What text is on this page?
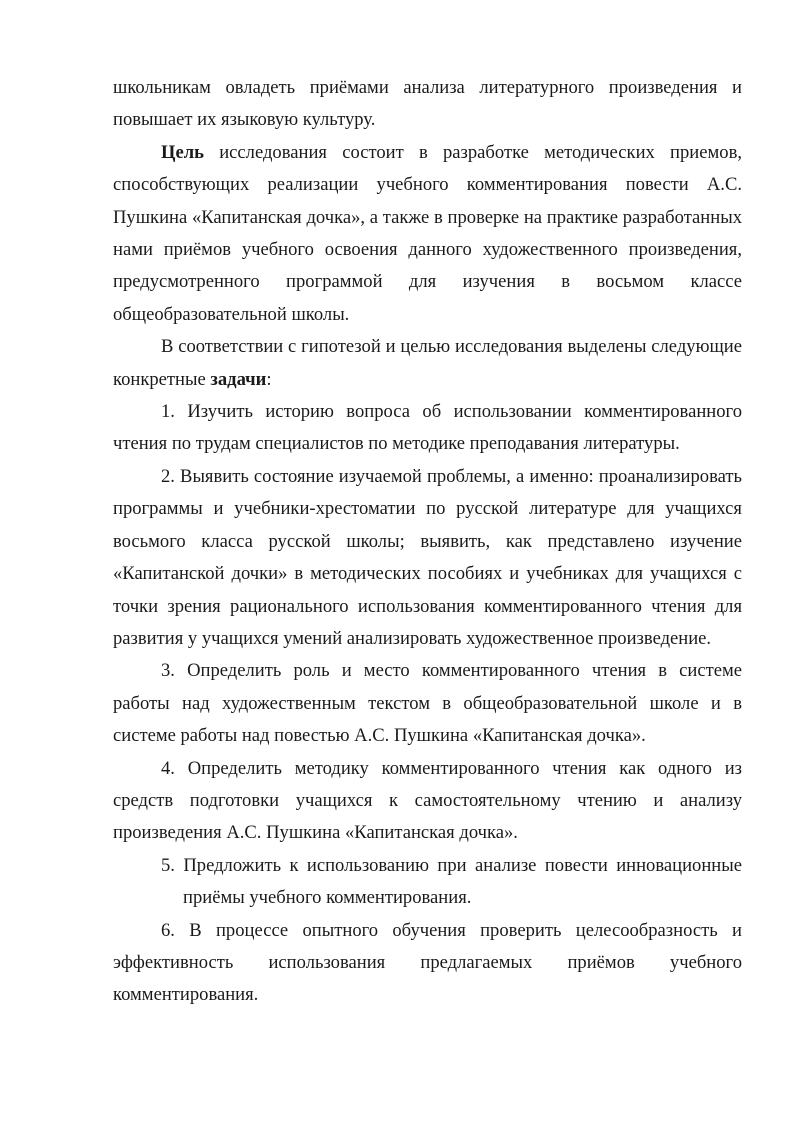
школьникам овладеть приёмами анализа литературного произведения и повышает их языковую культуру.

Цель исследования состоит в разработке методических приемов, способствующих реализации учебного комментирования повести А.С. Пушкина «Капитанская дочка», а также в проверке на практике разработанных нами приёмов учебного освоения данного художественного произведения, предусмотренного программой для изучения в восьмом классе общеобразовательной школы.

В соответствии с гипотезой и целью исследования выделены следующие конкретные задачи:

1. Изучить историю вопроса об использовании комментированного чтения по трудам специалистов по методике преподавания литературы.

2. Выявить состояние изучаемой проблемы, а именно: проанализировать программы и учебники-хрестоматии по русской литературе для учащихся восьмого класса русской школы; выявить, как представлено изучение «Капитанской дочки» в методических пособиях и учебниках для учащихся с точки зрения рационального использования комментированного чтения для развития у учащихся умений анализировать художественное произведение.

3. Определить роль и место комментированного чтения в системе работы над художественным текстом в общеобразовательной школе и в системе работы над повестью А.С. Пушкина «Капитанская дочка».

4. Определить методику комментированного чтения как одного из средств подготовки учащихся к самостоятельному чтению и анализу произведения А.С. Пушкина «Капитанская дочка».

5. Предложить к использованию при анализе повести инновационные приёмы учебного комментирования.

6. В процессе опытного обучения проверить целесообразность и эффективность использования предлагаемых приёмов учебного комментирования.
